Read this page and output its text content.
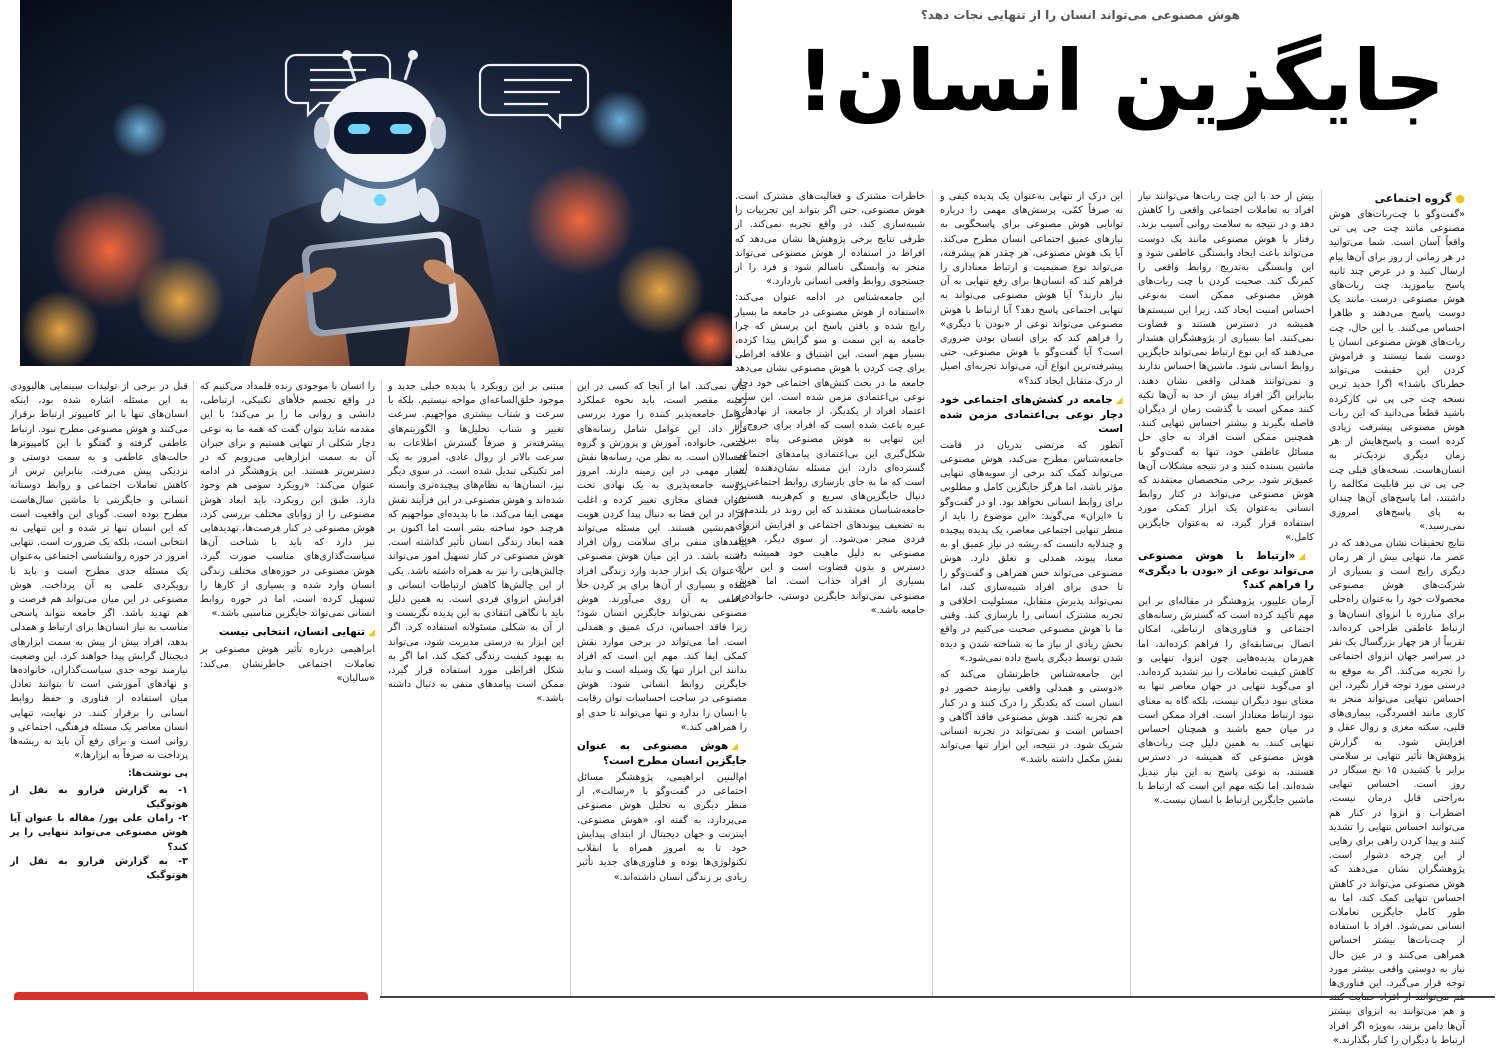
هوش مصنوعی می‌تواند انسان را از تنهایی نجات دهد؟
جایگزین انسان!

●گروه اجتماعی

«گفت‌وگو با چت‌ربات‌های هوش مصنوعی مانند چت جی پی تی واقعاً آسان است. شما می‌توانید در هر زمانی از روز برای آن‌ها پیام ارسال کنید و در عرض چند ثانیه پاسخ بیاموزید. چت ربات‌های هوش مصنوعی درست مانند یک دوست پاسخ می‌دهند و ظاهرا احساس می‌کنند. با این حال، چت ربات‌های هوش مصنوعی انسان یا دوست شما نیستند و فراموش کردن این حقیقت می‌تواند خطرناک باشد!» اگرا حدید ترین نسخه چت جی پی تی کارکرده باشید قطعاً می‌دانید که این ربات هوش مصنوعی پیشرفت زیادی کرده است و پاسخ‌هایش از هر زمان دیگری نزدیک‌تر به انسان‌هاست. نسخه‌های قبلی چت جی پی تی نیز قابلیت مکالمه را داشتند، اما پاسخ‌های آن‌ها چندان به پای پاسخ‌های امروزی نمی‌رسید.»

نتایج تحقیقات نشان می‌دهد که در عصر ما، تنهایی بیش از هر زمان دیگری رایج است و بسیاری از شرکت‌های هوش مصنوعی محصولات خود را به‌عنوان راه‌حلی برای مبارزه با انزوای انسان‌ها و ارتباط عاطفی طراحی کرده‌اند. تقریباً از هر چهار بزرگسال یک نفر در سراسر جهان انزوای اجتماعی را تجربه می‌کند. اگر به موقع به درستی مورد توجه قرار نگیرد، این احساس تنهایی می‌تواند منجر به کاری مانند افسردگی، بیماری‌های قلبی، سکته مغزی و زوال عقل و افزایش شود. به گزارش پژوهش‌ها تأثیر تنهایی بر سلامتی برابر با کشیدن ۱۵ نخ سیگار در روز است. احساس تنهایی به‌راحتی قابل درمان نیست. اضطراب و انزوا در کنار هم می‌توانند احساس تنهایی را تشدید کنند و پیدا کردن راهی برای رهایی از این چرخه دشوار است. پژوهشگران نشان می‌دهند که هوش مصنوعی می‌تواند در کاهش احساس تنهایی کمک کند، اما به طور کامل جایگزین تعاملات انسانی نمی‌شود. افراد با استفاده از چت‌بات‌ها بیشتر احساس همراهی می‌کنند و در عین حال نیاز به دوستی واقعی بیشتر مورد توجه قرار می‌گیرد. این فناوری‌ها و هم می‌توانند به انزوای بیشتر آن‌ها دامن بزنند، به‌ویژه اگر افراد ارتباط با دیگران را کنار بگذارند.»

بیش از حد با این چت ربات‌ها می‌توانند نیاز افراد به تعاملات اجتماعی واقعی را کاهش دهد و در نتیجه به سلامت روانی آسیب بزند. رفتار با هوش مصنوعی مانند یک دوست می‌تواند باعث ایجاد وابستگی عاطفی شود و این وابستگی به‌تدریج روابط واقعی را کمرنگ کند. صحبت کردن با چت ربات‌های هوش مصنوعی ممکن است به‌نوعی احساس امنیت ایجاد کند، زیرا این سیستم‌ها همیشه در دسترس هستند و قضاوت نمی‌کنند. اما بسیاری از پژوهشگران هشدار می‌دهند که این نوع ارتباط نمی‌تواند جایگزین روابط انسانی شود. ماشین‌ها احساس ندارند و نمی‌توانند همدلی واقعی نشان دهند. بنابراین اگر افراد بیش از حد به آن‌ها تکیه کنند ممکن است با گذشت زمان از دیگران فاصله بگیرند و بیشتر احساس تنهایی کنند. همچنین ممکن است افراد به جای حل مسائل عاطفی خود، تنها به گفت‌وگو با ماشین بسنده کنند و در نتیجه مشکلات آن‌ها عمیق‌تر شود. برخی متخصصان معتقدند که هوش مصنوعی می‌تواند در کنار روابط انسانی به‌عنوان یک ابزار کمکی مورد استفاده قرار گیرد، نه به‌عنوان جایگزین کامل.»

◢«ارتباط با هوش مصنوعی می‌تواند نوعی از «بودن با دیگری» را فراهم کند؟

آرمان علیپور، پژوهشگر در مقاله‌ای بر این مهم تأکید کرده است که گسترش رسانه‌های اجتماعی و فناوری‌های ارتباطی، امکان اتصال بی‌سابقه‌ای را فراهم کرده‌اند، اما هم‌زمان پدیده‌هایی چون انزوا، تنهایی و کاهش کیفیت تعاملات را نیز تشدید کرده‌اند. او می‌گوید تنهایی در جهان معاصر تنها به معنای نبود دیگران نیست، بلکه گاه به معنای نبود ارتباط معنادار است. افراد ممکن است در میان جمع باشند و همچنان احساس تنهایی کنند. به همین دلیل چت ربات‌های هوش مصنوعی که همیشه در دسترس هستند، به نوعی پاسخ به این نیاز تبدیل شده‌اند. اما نکته مهم این است که ارتباط با ماشین جایگزین ارتباط با انسان نیست.»

این درک از تنهایی به‌عنوان یک پدیده کیفی و نه صرفاً کمّی، پرسش‌های مهمی را درباره توانایی هوش مصنوعی برای پاسخگویی به نیازهای عمیق اجتماعی انسان مطرح می‌کند. آیا یک هوش مصنوعی، هر چقدر هم پیشرفته، می‌تواند نوع صمیمیت و ارتباط معناداری را فراهم کند که انسان‌ها برای رفع تنهایی به آن نیاز دارند؟ آیا هوش مصنوعی می‌تواند به تنهایی اجتماعی پاسخ دهد؟ آیا ارتباط با هوش مصنوعی می‌تواند نوعی از «بودن با دیگری» را فراهم کند که برای انسان بودن ضروری است؟ آیا گفت‌وگو با هوش مصنوعی، حتی پیشرفته‌ترین انواع آن، می‌تواند تجربه‌ای اصیل از درک متقابل ایجاد کند؟»

◢جامعه در کشش‌های اجتماعی خود دچار نوعی بی‌اعتمادی مزمن شده است

آنطور که مرتضی بدریان در قامت جامعه‌شناس مطرح می‌کند، هوش مصنوعی می‌تواند کمک کند برخی از سویه‌های تنهایی مؤثر باشد، اما هرگز جایگزین کامل و مطلوبی برای روابط انسانی نخواهد بود. او در گفت‌وگو با «ایران» می‌گوید: «این موضوع را باید از منظر تنهایی اجتماعی معاصر، یک پدیده پیچیده و چندلایه دانست که ریشه در نیاز عمیق او به معنا، پیوند، همدلی و تعلق دارد. هوش مصنوعی می‌تواند حس همراهی و گفت‌وگو را تا حدی برای افراد شبیه‌سازی کند، اما نمی‌تواند پذیرش متقابل، مسئولیت اخلاقی و تجربه مشترک انسانی را بازسازی کند. وقتی ما با هوش مصنوعی صحبت می‌کنیم در واقع بخش زیادی از نیاز ما به شناخته شدن و دیده شدن توسط دیگری پاسخ داده نمی‌شود.»

این جامعه‌شناس خاطرنشان می‌کند که «دوستی و همدلی واقعی نیازمند حضور دو انسان است که یکدیگر را درک کنند و در کنار هم تجربه کنند. هوش مصنوعی فاقد آگاهی و احساس است و نمی‌تواند در تجربه انسانی شریک شود. در نتیجه، این ابزار تنها می‌تواند نقش مکمل داشته باشد.»

خاطرات مشترک و فعالیت‌های مشترک است. هوش مصنوعی، حتی اگر بتواند این تجربیات را شبیه‌سازی کند، در واقع تجربه نمی‌کند. از طرفی نتایج برخی پژوهش‌ها نشان می‌دهد که افراط در استفاده از هوش مصنوعی می‌تواند منجر به وابستگی ناسالم شود و فرد را از جستجوی روابط واقعی انسانی بازدارد.»

این جامعه‌شناس در ادامه عنوان می‌کند: «استفاده از هوش مصنوعی در جامعه ما بسیار رایج شده و یافتن پاسخ این پرسش که چرا جامعه به این سمت و سو گرایش پیدا کرده، بسیار مهم است. این اشتیاق و علاقه افراطی برای چت کردن با هوش مصنوعی نشان می‌دهد جامعه ما در بحث کنش‌های اجتماعی خود دچار نوعی بی‌اعتمادی مزمن شده است. این سلب اعتماد افراد از یکدیگر، از جامعه، از نهادها و غیره باعث شده است که افراد برای خروج از این تنهایی به هوش مصنوعی پناه ببرند. شکل‌گیری این بی‌اعتمادی پیامدهای اجتماعی گسترده‌ای دارد. این مسئله نشان‌دهنده این است که ما به جای بازسازی روابط اجتماعی به دنبال جایگزین‌های سریع و کم‌هزینه هستیم. جامعه‌شناسان معتقدند که این روند در بلندمدت به تضعیف پیوندهای اجتماعی و افزایش انزوای فردی منجر می‌شود. از سوی دیگر، هوش مصنوعی به دلیل ماهیت خود همیشه در دسترس و بدون قضاوت است و این برای بسیاری از افراد جذاب است. اما هوش مصنوعی نمی‌تواند جایگزین دوستی، خانواده و جامعه باشد.»

بیان نمی‌کند. اما از آنجا که کسی در این زمینه مقصر است، باید نحوه عملکرد عوامل جامعه‌پذیر کننده را مورد بررسی قرار داد. این عوامل شامل رسانه‌های جمعی، خانواده، آموزش و پرورش و گروه همسالان است. به نظر من، رسانه‌ها نقش بسیار مهمی در این زمینه دارند. امروز پروسه جامعه‌پذیری به یک نهادی تحت عنوان فضای مجازی تغییر کرده و اغلب افراد در این فضا به دنبال پیدا کردن هویت و هم‌نشین هستند. این مسئله می‌تواند پیامدهای منفی برای سلامت روان افراد داشته باشد. در این میان هوش مصنوعی به عنوان یک ابزار جدید وارد زندگی افراد شده و بسیاری از آن‌ها برای پر کردن خلأ عاطفی به آن روی می‌آورند. هوش مصنوعی نمی‌تواند جایگزین انسان شود؛ زیرا فاقد احساس، درک عمیق و همدلی است. اما می‌تواند در برخی موارد نقش کمکی ایفا کند. مهم این است که افراد بدانند این ابزار تنها یک وسیله است و نباید جایگزین روابط انسانی شود. هوش مصنوعی در ساحت احساسات توان رقابت با انسان را ندارد و تنها می‌تواند تا حدی او را همراهی کند.»

◢هوش مصنوعی به عنوان جایگزین انسان مطرح است؟

ام‌البنین ابراهیمی، پژوهشگر مسائل اجتماعی در گفت‌وگو با «رسالت»، از منظر دیگری به تحلیل هوش مصنوعی می‌پردازد. به گفته او، «هوش مصنوعی، اینترنت و جهان دیجیتال از ابتدای پیدایش خود تا به امروز همراه با انقلاب تکنولوژی‌ها بوده و فناوری‌های جدید تأثیر زیادی بر زندگی انسان داشته‌اند.»

مبتنی بر این رویکرد با پدیده خیلی جدید و موجود خلق‌الساعه‌ای مواجه نیستیم. بلکه با سرعت و شتاب بیشتری مواجهیم. سرعت تغییر و شتاب تحلیل‌ها و الگوریتم‌های پیشرفته‌تر و صرفاً گسترش اطلاعات به سرعت بالاتر از روال عادی، امروز به یک امر تکنیکی تبدیل شده است. در سوی دیگر نیز، انسان‌ها به نظام‌های پیچیده‌تری وابسته شده‌اند و هوش مصنوعی در این فرآیند نقش مهمی ایفا می‌کند. ما با پدیده‌ای مواجهیم که هرچند خود ساخته بشر است اما اکنون بر همه ابعاد زندگی انسان تأثیر گذاشته است. هوش مصنوعی در کنار تسهیل امور می‌تواند چالش‌هایی را نیز به همراه داشته باشد. یکی از این چالش‌ها کاهش ارتباطات انسانی و افزایش انزوای فردی است. به همین دلیل باید با نگاهی انتقادی به این پدیده نگریست و از آن به شکلی مسئولانه استفاده کرد. اگر این ابزار به درستی مدیریت شود، می‌تواند به بهبود کیفیت زندگی کمک کند، اما اگر به شکل افراطی مورد استفاده قرار گیرد، ممکن است پیامدهای منفی به دنبال داشته باشد.»

را انسان با موجودی زنده قلمداد می‌کنیم که در واقع تجسم خلأهای تکنیکی، ارتباطی، دانشی و روانی ما را بر می‌کند؛ با این مقدمه شاید بتوان گفت که همه ما به نوعی دچار شکلی از تنهایی هستیم و برای جبران آن به سمت ابزارهایی می‌رویم که در دسترس‌تر هستند. این پژوهشگر در ادامه عنوان می‌کند: «رویکرد سومی هم وجود دارد. طبق این رویکرد، باید ابعاد هوش مصنوعی را از زوایای مختلف بررسی کرد. هوش مصنوعی در کنار فرصت‌ها، تهدیدهایی نیز دارد که باید با شناخت آن‌ها سیاست‌گذاری‌های مناسب صورت گیرد. هوش مصنوعی در حوزه‌های مختلف زندگی انسان وارد شده و بسیاری از کارها را تسهیل کرده است، اما در حوزه روابط انسانی نمی‌تواند جایگزین مناسبی باشد.»

◢تنهایی انسان، انتخابی نیست

ابراهیمی درباره تأثیر هوش مصنوعی بر تعاملات اجتماعی خاطرنشان می‌کند: «سالیان»

قبل در برخی از تولیدات سینمایی هالیوودی به این مسئله اشاره شده بود، اینکه انسان‌های تنها با ابر کامپیوتر ارتباط برقرار می‌کنند و هوش مصنوعی مطرح نبود. ارتباط عاطفی گرفته و گفتگو با این کامپیوترها حالت‌های عاطفی و به سمت دوستی و نزدیکی پیش می‌رفت. بنابراین ترس از کاهش تعاملات اجتماعی و روابط دوستانه انسانی و جایگزینی با ماشین سال‌هاست مطرح بوده است. گویای این واقعیت است که این انسان تنها تر شده و این تنهایی نه انتخابی است، بلکه یک ضرورت است. تنهایی امروز در حوزه روانشناسی اجتماعی به‌عنوان یک مسئله جدی مطرح است و باید با رویکردی علمی به آن پرداخت. هوش مصنوعی در این میان می‌تواند هم فرصت و هم تهدید باشد. اگر جامعه نتواند پاسخی مناسب به نیاز انسان‌ها برای ارتباط و همدلی بدهد، افراد بیش از پیش به سمت ابزارهای دیجیتال گرایش پیدا خواهند کرد. این وضعیت نیازمند توجه جدی سیاست‌گذاران، خانواده‌ها و نهادهای آموزشی است تا بتوانند تعادل میان استفاده از فناوری و حفظ روابط انسانی را برقرار کنند. در نهایت، تنهایی انسان معاصر یک مسئله فرهنگی، اجتماعی و روانی است و برای رفع آن باید به ریشه‌ها پرداخت نه صرفاً به ابزارها.»

پی نوشت‌ها:

۱- به گزارش فرارو به نقل از هوتوگیک
۲- رامان علی پور/ مقاله با عنوان آیا هوش مصنوعی می‌تواند تنهایی را پر کند؟
۳- به گزارش فرارو به نقل از هوتوگیک
